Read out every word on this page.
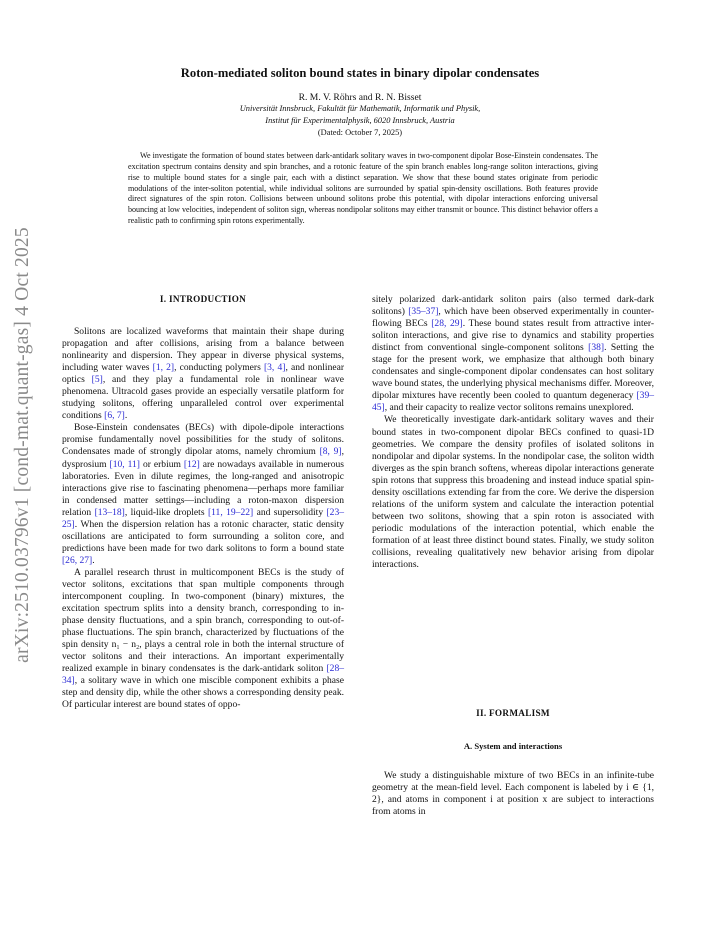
arXiv:2510.03796v1 [cond-mat.quant-gas] 4 Oct 2025
Roton-mediated soliton bound states in binary dipolar condensates
R. M. V. Röhrs and R. N. Bisset
Universität Innsbruck, Fakultät für Mathematik, Informatik und Physik,
Institut für Experimentalphysik, 6020 Innsbruck, Austria
(Dated: October 7, 2025)
We investigate the formation of bound states between dark-antidark solitary waves in two-component dipolar Bose-Einstein condensates. The excitation spectrum contains density and spin branches, and a rotonic feature of the spin branch enables long-range soliton interactions, giving rise to multiple bound states for a single pair, each with a distinct separation. We show that these bound states originate from periodic modulations of the inter-soliton potential, while individual solitons are surrounded by spatial spin-density oscillations. Both features provide direct signatures of the spin roton. Collisions between unbound solitons probe this potential, with dipolar interactions enforcing universal bouncing at low velocities, independent of soliton sign, whereas nondipolar solitons may either transmit or bounce. This distinct behavior offers a realistic path to confirming spin rotons experimentally.
I. INTRODUCTION

Solitons are localized waveforms that maintain their shape during propagation and after collisions, arising from a balance between nonlinearity and dispersion. They appear in diverse physical systems, including water waves [1, 2], conducting polymers [3, 4], and nonlinear optics [5], and they play a fundamental role in nonlinear wave phenomena. Ultracold gases provide an especially versatile platform for studying solitons, offering unparalleled control over experimental conditions [6, 7].

Bose-Einstein condensates (BECs) with dipole-dipole interactions promise fundamentally novel possibilities for the study of solitons. Condensates made of strongly dipolar atoms, namely chromium [8, 9], dysprosium [10, 11] or erbium [12] are nowadays available in numerous laboratories. Even in dilute regimes, the long-ranged and anisotropic interactions give rise to fascinating phenomena—perhaps more familiar in condensed matter settings—including a roton-maxon dispersion relation [13–18], liquid-like droplets [11, 19–22] and supersolidity [23–25]. When the dispersion relation has a rotonic character, static density oscillations are anticipated to form surrounding a soliton core, and predictions have been made for two dark solitons to form a bound state [26, 27].

A parallel research thrust in multicomponent BECs is the study of vector solitons, excitations that span multiple components through intercomponent coupling. In two-component (binary) mixtures, the excitation spectrum splits into a density branch, corresponding to in-phase density fluctuations, and a spin branch, corresponding to out-of-phase fluctuations. The spin branch, characterized by fluctuations of the spin density n₁ − n₂, plays a central role in both the internal structure of vector solitons and their interactions. An important experimentally realized example in binary condensates is the dark-antidark soliton [28–34], a solitary wave in which one miscible component exhibits a phase step and density dip, while the other shows a corresponding density peak. Of particular interest are bound states of oppo-

sitely polarized dark-antidark soliton pairs (also termed dark-dark solitons) [35–37], which have been observed experimentally in counter-flowing BECs [28, 29]. These bound states result from attractive inter-soliton interactions, and give rise to dynamics and stability properties distinct from conventional single-component solitons [38]. Setting the stage for the present work, we emphasize that although both binary condensates and single-component dipolar condensates can host solitary wave bound states, the underlying physical mechanisms differ. Moreover, dipolar mixtures have recently been cooled to quantum degeneracy [39–45], and their capacity to realize vector solitons remains unexplored.

We theoretically investigate dark-antidark solitary waves and their bound states in two-component dipolar BECs confined to quasi-1D geometries. We compare the density profiles of isolated solitons in nondipolar and dipolar systems. In the nondipolar case, the soliton width diverges as the spin branch softens, whereas dipolar interactions generate spin rotons that suppress this broadening and instead induce spatial spin-density oscillations extending far from the core. We derive the dispersion relations of the uniform system and calculate the interaction potential between two solitons, showing that a spin roton is associated with periodic modulations of the interaction potential, which enable the formation of at least three distinct bound states. Finally, we study soliton collisions, revealing qualitatively new behavior arising from dipolar interactions.

II. FORMALISM
A. System and interactions

We study a distinguishable mixture of two BECs in an infinite-tube geometry at the mean-field level. Each component is labeled by i ∈ {1, 2}, and atoms in component i at position x are subject to interactions from atoms in
